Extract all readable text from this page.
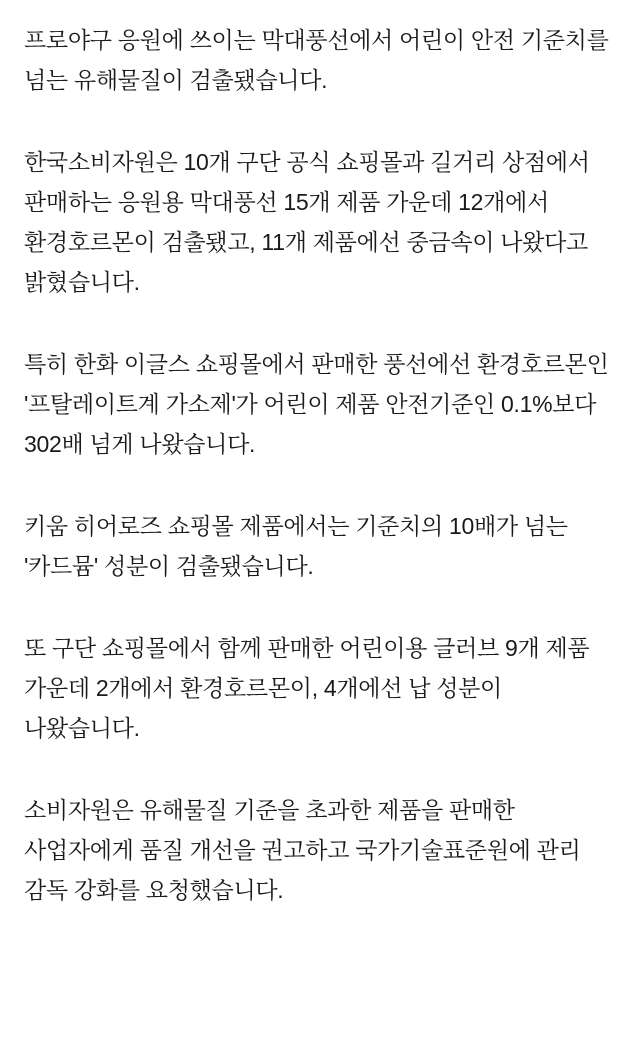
프로야구 응원에 쓰이는 막대풍선에서 어린이 안전 기준치를 넘는 유해물질이 검출됐습니다.

한국소비자원은 10개 구단 공식 쇼핑몰과 길거리 상점에서 판매하는 응원용 막대풍선 15개 제품 가운데 12개에서 환경호르몬이 검출됐고, 11개 제품에선 중금속이 나왔다고 밝혔습니다.

특히 한화 이글스 쇼핑몰에서 판매한 풍선에선 환경호르몬인 '프탈레이트계 가소제'가 어린이 제품 안전기준인 0.1%보다 302배 넘게 나왔습니다.

키움 히어로즈 쇼핑몰 제품에서는 기준치의 10배가 넘는 '카드뮴' 성분이 검출됐습니다.

또 구단 쇼핑몰에서 함께 판매한 어린이용 글러브 9개 제품 가운데 2개에서 환경호르몬이, 4개에선 납 성분이 나왔습니다.

소비자원은 유해물질 기준을 초과한 제품을 판매한 사업자에게 품질 개선을 권고하고 국가기술표준원에 관리 감독 강화를 요청했습니다.
